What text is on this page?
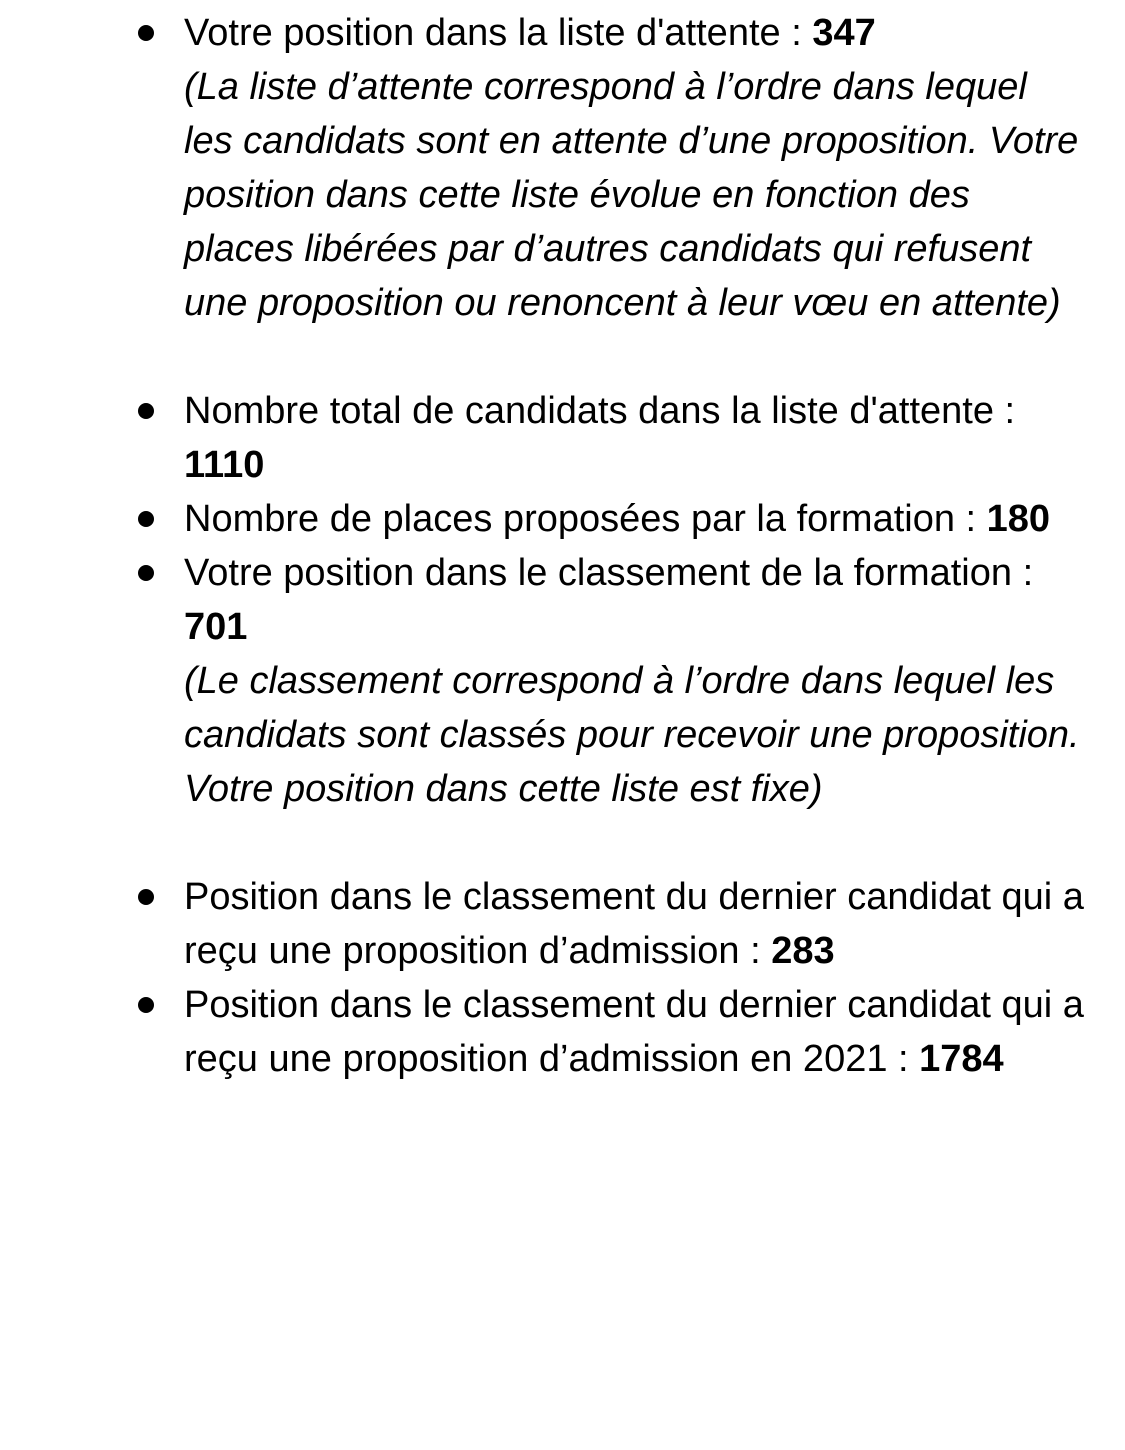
Votre position dans la liste d'attente : 347
(La liste d’attente correspond à l’ordre dans lequel les candidats sont en attente d’une proposition. Votre position dans cette liste évolue en fonction des places libérées par d’autres candidats qui refusent une proposition ou renoncent à leur vœu en attente)
Nombre total de candidats dans la liste d'attente : 1110
Nombre de places proposées par la formation : 180
Votre position dans le classement de la formation : 701
(Le classement correspond à l’ordre dans lequel les candidats sont classés pour recevoir une proposition. Votre position dans cette liste est fixe)
Position dans le classement du dernier candidat qui a reçu une proposition d’admission : 283
Position dans le classement du dernier candidat qui a reçu une proposition d’admission en 2021 : 1784
